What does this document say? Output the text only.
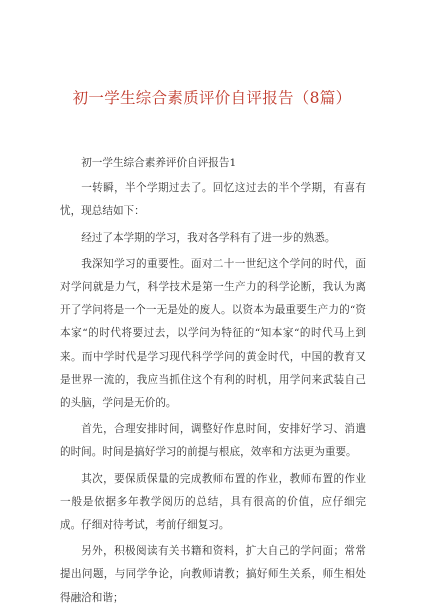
初一学生综合素质评价自评报告（8篇）

初一学生综合素养评价自评报告1

一转瞬，半个学期过去了。回忆这过去的半个学期，有喜有忧，现总结如下：

经过了本学期的学习，我对各学科有了进一步的熟悉。

我深知学习的重要性。面对二十一世纪这个学问的时代，面对学问就是力气，科学技术是第一生产力的科学论断，我认为离开了学问将是一个一无是处的废人。以资本为最重要生产力的“资本家“的时代将要过去，以学问为特征的“知本家“的时代马上到来。而中学时代是学习现代科学学问的黄金时代，中国的教育又是世界一流的，我应当抓住这个有利的时机，用学问来武装自己的头脑，学问是无价的。

首先，合理安排时间，调整好作息时间，安排好学习、消遣的时间。时间是搞好学习的前提与根底，效率和方法更为重要。

其次，要保质保量的完成教师布置的作业，教师布置的作业一般是依据多年教学阅历的总结，具有很高的价值，应仔细完成。仔细对待考试，考前仔细复习。

另外，积极阅读有关书籍和资料，扩大自己的学问面；常常提出问题，与同学争论，向教师请教；搞好师生关系，师生相处得融洽和谐；
